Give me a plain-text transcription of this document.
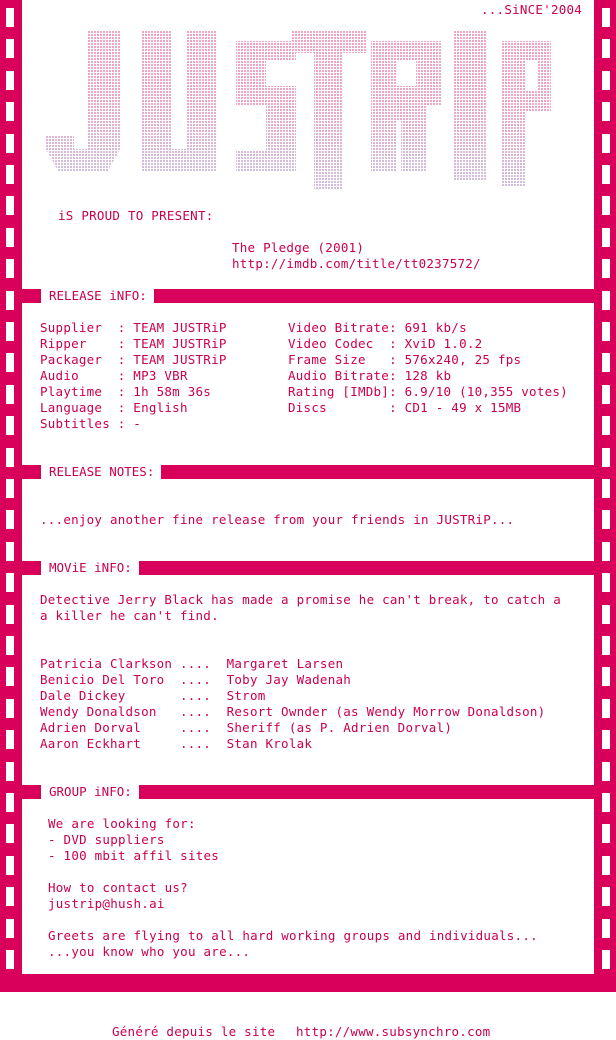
...SiNCE'2004
iS PROUD TO PRESENT:
The Pledge (2001)
http://imdb.com/title/tt0237572/
RELEASE iNFO:
Supplier  : TEAM JUSTRiP
Ripper    : TEAM JUSTRiP
Packager  : TEAM JUSTRiP
Audio     : MP3 VBR
Playtime  : 1h 58m 36s
Language  : English
Subtitles : -
Video Bitrate: 691 kb/s
Video Codec  : XviD 1.0.2
Frame Size   : 576x240, 25 fps
Audio Bitrate: 128 kb
Rating [IMDb]: 6.9/10 (10,355 votes)
Discs        : CD1 - 49 x 15MB
RELEASE NOTES:
...enjoy another fine release from your friends in JUSTRiP...
MOViE iNFO:
Detective Jerry Black has made a promise he can't break, to catch a
a killer he can't find.
Patricia Clarkson ....  Margaret Larsen
Benicio Del Toro  ....  Toby Jay Wadenah
Dale Dickey       ....  Strom
Wendy Donaldson   ....  Resort Ownder (as Wendy Morrow Donaldson)
Adrien Dorval     ....  Sheriff (as P. Adrien Dorval)
Aaron Eckhart     ....  Stan Krolak
GROUP iNFO:
We are looking for:
- DVD suppliers
- 100 mbit affil sites
How to contact us?
justrip@hush.ai
Greets are flying to all hard working groups and individuals...
...you know who you are...
Généré depuis le site http://www.subsynchro.com
